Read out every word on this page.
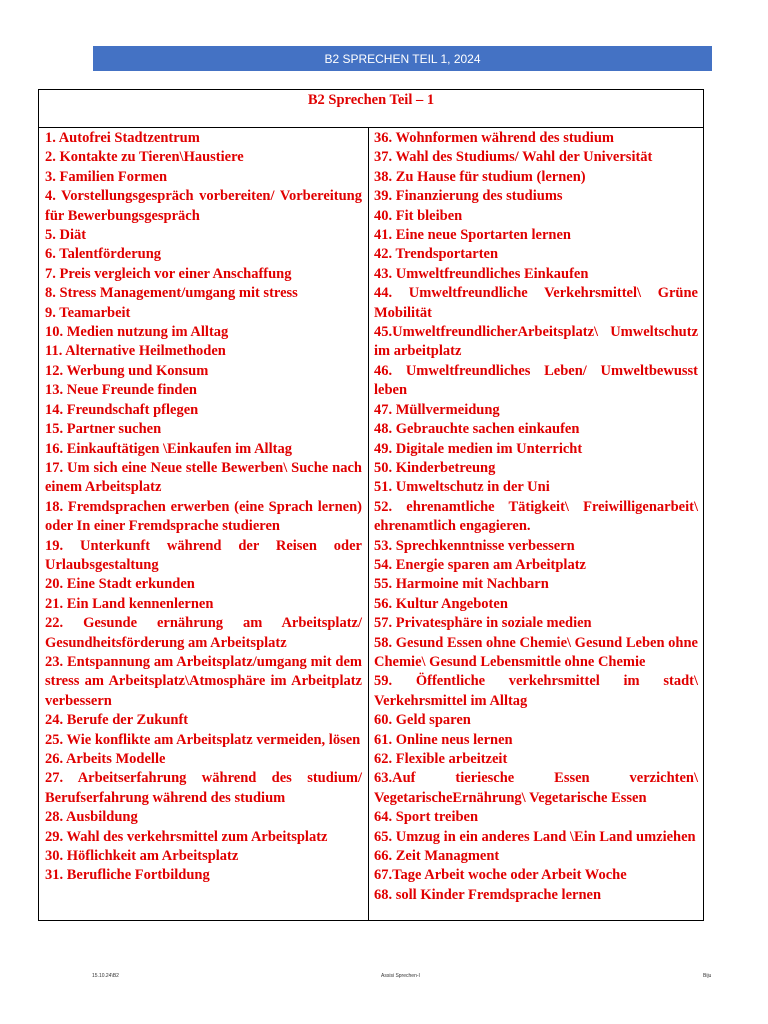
B2 SPRECHEN TEIL 1, 2024
B2 Sprechen Teil – 1
1. Autofrei Stadtzentrum
2. Kontakte zu Tieren\Haustiere
3. Familien Formen
4. Vorstellungsgespräch vorbereiten/ Vorbereitung für Bewerbungsgespräch
5. Diät
6. Talentförderung
7. Preis vergleich vor einer Anschaffung
8. Stress Management/umgang mit stress
9. Teamarbeit
10. Medien nutzung im Alltag
11. Alternative Heilmethoden
12. Werbung und Konsum
13. Neue Freunde finden
14. Freundschaft pflegen
15. Partner suchen
16. Einkauftätigen \Einkaufen im Alltag
17. Um sich eine Neue stelle Bewerben\ Suche nach einem Arbeitsplatz
18. Fremdsprachen erwerben (eine Sprach lernen) oder In einer Fremdsprache studieren
19. Unterkunft während der Reisen oder Urlaubsgestaltung
20. Eine Stadt erkunden
21. Ein Land kennenlernen
22. Gesunde ernährung am Arbeitsplatz/ Gesundheitsförderung am Arbeitsplatz
23. Entspannung am Arbeitsplatz/umgang mit dem stress am Arbeitsplatz\Atmosphäre im Arbeitplatz verbessern
24. Berufe der Zukunft
25. Wie konflikte am Arbeitsplatz vermeiden, lösen
26. Arbeits Modelle
27. Arbeitserfahrung während des studium/ Berufserfahrung während des studium
28. Ausbildung
29. Wahl des verkehrsmittel zum Arbeitsplatz
30. Höflichkeit am Arbeitsplatz
31. Berufliche Fortbildung
36. Wohnformen während des studium
37. Wahl des Studiums/ Wahl der Universität
38. Zu Hause für studium (lernen)
39. Finanzierung des studiums
40. Fit bleiben
41. Eine neue Sportarten lernen
42. Trendsportarten
43. Umweltfreundliches Einkaufen
44. Umweltfreundliche Verkehrsmittel\ Grüne Mobilität
45.UmweltfreundlicherArbeitsplatz\ Umweltschutz im arbeitplatz
46. Umweltfreundliches Leben/ Umweltbewusst leben
47. Müllvermeidung
48. Gebrauchte sachen einkaufen
49. Digitale medien im Unterricht
50. Kinderbetreung
51. Umweltschutz in der Uni
52. ehrenamtliche Tätigkeit\ Freiwilligenarbeit\ ehrenamtlich engagieren.
53. Sprechkenntnisse verbessern
54. Energie sparen am Arbeitplatz
55. Harmoine mit Nachbarn
56. Kultur Angeboten
57. Privatesphäre in soziale medien
58. Gesund Essen ohne Chemie\ Gesund Leben ohne Chemie\ Gesund Lebensmittle ohne Chemie
59. Öffentliche verkehrsmittel im stadt\ Verkehrsmittel im Alltag
60. Geld sparen
61. Online neus lernen
62. Flexible arbeitzeit
63.Auf tieriesche Essen verzichten\ VegetarischeErnährung\ Vegetarische Essen
64. Sport treiben
65. Umzug in ein anderes Land \Ein Land umziehen
66. Zeit Managment
67.Tage Arbeit woche oder Arbeit Woche
68. soll Kinder Fremdsprache lernen
15.10.24\B2	Assisi Sprechen-I	Biju
